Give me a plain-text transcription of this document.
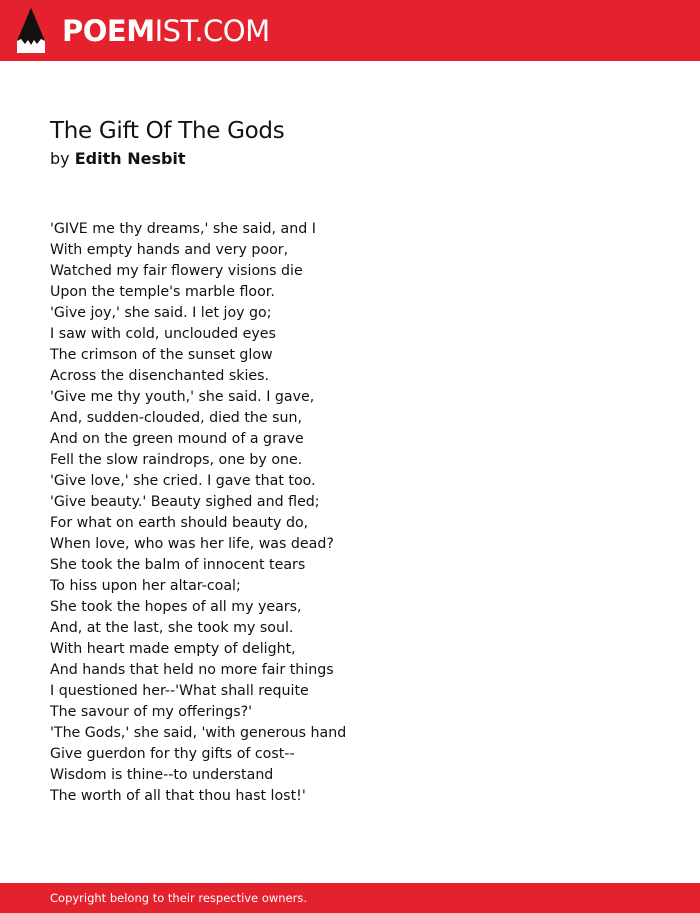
POEMIST.COM
The Gift Of The Gods
by Edith Nesbit
'GIVE me thy dreams,' she said, and I
With empty hands and very poor,
Watched my fair flowery visions die
Upon the temple's marble floor.
'Give joy,' she said. I let joy go;
I saw with cold, unclouded eyes
The crimson of the sunset glow
Across the disenchanted skies.
'Give me thy youth,' she said. I gave,
And, sudden-clouded, died the sun,
And on the green mound of a grave
Fell the slow raindrops, one by one.
'Give love,' she cried. I gave that too.
'Give beauty.' Beauty sighed and fled;
For what on earth should beauty do,
When love, who was her life, was dead?
She took the balm of innocent tears
To hiss upon her altar-coal;
She took the hopes of all my years,
And, at the last, she took my soul.
With heart made empty of delight,
And hands that held no more fair things
I questioned her--'What shall requite
The savour of my offerings?'
'The Gods,' she said, 'with generous hand
Give guerdon for thy gifts of cost--
Wisdom is thine--to understand
The worth of all that thou hast lost!'
Copyright belong to their respective owners.
